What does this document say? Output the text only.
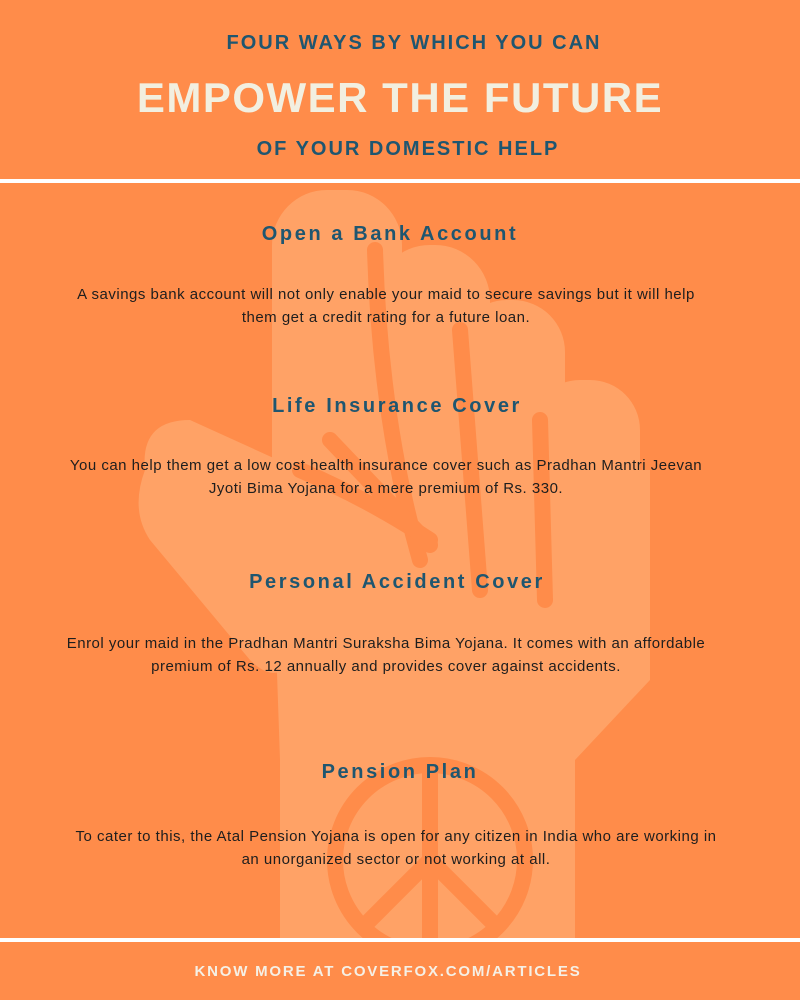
FOUR WAYS BY WHICH YOU CAN
EMPOWER THE FUTURE
OF YOUR DOMESTIC HELP
Open a Bank Account
A savings bank account will not only enable your maid to secure savings but it will help them get a credit rating for a future loan.
Life Insurance Cover
You can help them get a low cost health insurance cover such as Pradhan Mantri Jeevan Jyoti Bima Yojana for a mere premium of Rs. 330.
Personal Accident Cover
Enrol your maid in the Pradhan Mantri Suraksha Bima Yojana. It comes with an affordable premium of Rs. 12 annually and provides cover against accidents.
Pension Plan
To cater to this, the Atal Pension Yojana is open for any citizen in India who are working in an unorganized sector or not working at all.
KNOW MORE AT COVERFOX.COM/ARTICLES
